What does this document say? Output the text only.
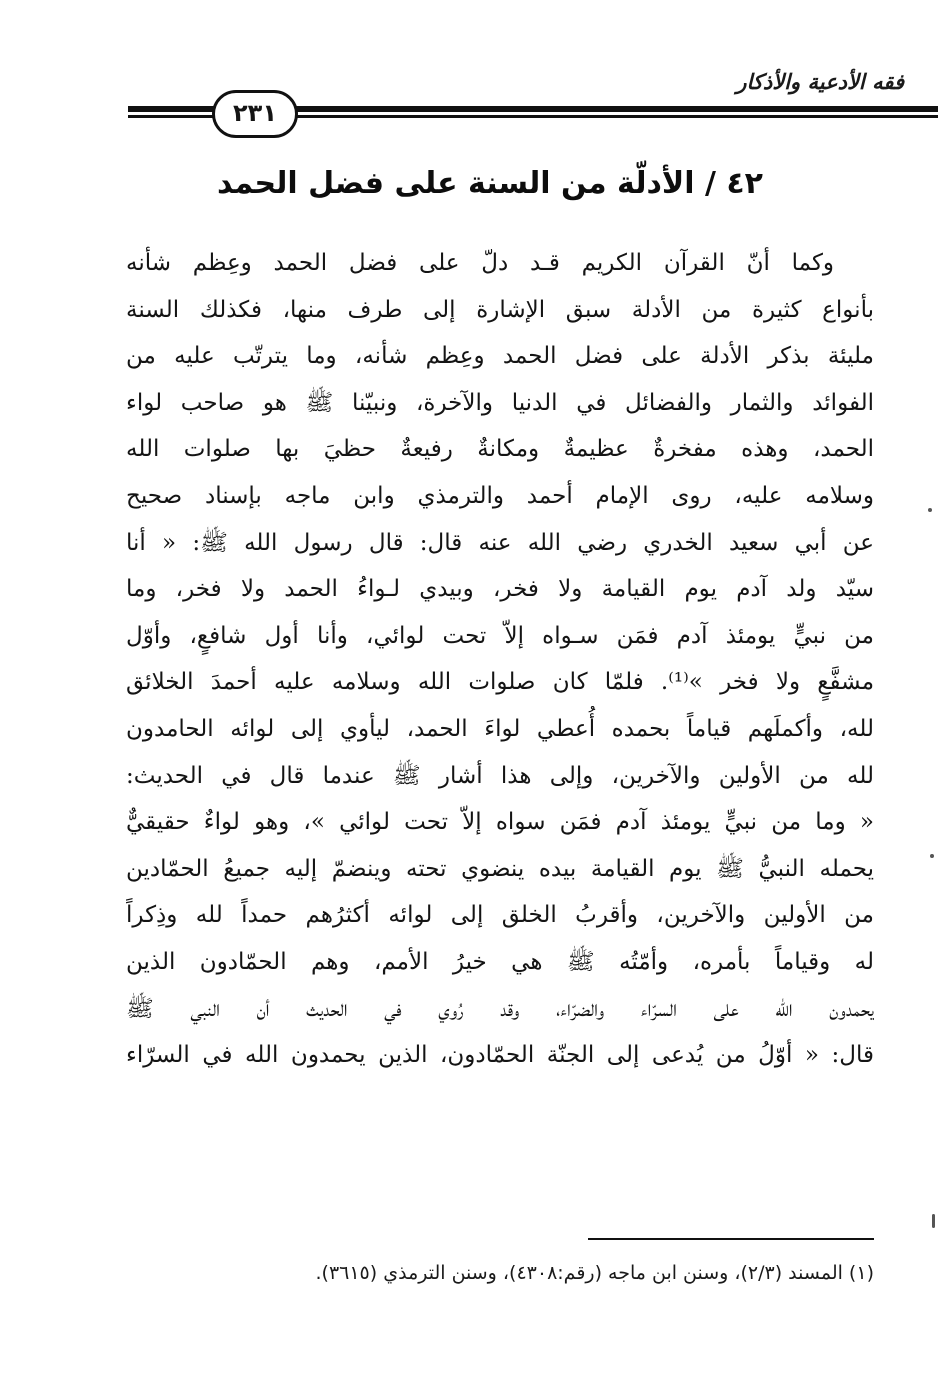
فقه الأدعية والأذكار
٢٣١
٤٢ / الأدلّة من السنة على فضل الحمد
وكما أنّ القرآن الكريم قـد دلّ على فضل الحمد وعِظم شأنه
بأنواع كثيرة من الأدلة سبق الإشارة إلى طرف منها، فكذلك السنة
مليئة بذكر الأدلة على فضل الحمد وعِظم شأنه، وما يترتّب عليه من
الفوائد والثمار والفضائل في الدنيا والآخرة، ونبيّنا ﷺ هو صاحب لواء
الحمد، وهذه مفخرةٌ عظيمةٌ ومكانةٌ رفيعةٌ حظيَ بها صلوات الله
وسلامه عليه، روى الإمام أحمد والترمذي وابن ماجه بإسناد صحيح
عن أبي سعيد الخدري رضي الله عنه قال: قال رسول الله ﷺ: « أنا
سيّد ولد آدم يوم القيامة ولا فخر، وبيدي لـواءُ الحمد ولا فخر، وما
من نبيٍّ يومئذ آدم فمَن سـواه إلاّ تحت لوائي، وأنا أول شافعٍ، وأوّل
مشفَّعٍ ولا فخر »⁽¹⁾. فلمّا كان صلوات الله وسلامه عليه أحمدَ الخلائق
لله، وأكملَهم قياماً بحمده أُعطي لواءَ الحمد، ليأوي إلى لوائه الحامدون
لله من الأولين والآخرين، وإلى هذا أشار ﷺ عندما قال في الحديث:
« وما من نبيٍّ يومئذ آدم فمَن سواه إلاّ تحت لوائي »، وهو لواءٌ حقيقيٌّ
يحمله النبيُّ ﷺ يوم القيامة بيده ينضوي تحته وينضمّ إليه جميعُ الحمّادين
من الأولين والآخرين، وأقربُ الخلق إلى لوائه أكثرُهم حمداً لله وذِكراً
له وقياماً بأمره، وأمّتُه ﷺ هي خيرُ الأمم، وهم الحمّادون الذين
يحمدون الله على السرّاء والضرّاء، وقد رُوي في الحديث أن النبي ﷺ
قال: « أوّلُ من يُدعى إلى الجنّة الحمّادون، الذين يحمدون الله في السرّاء
(١) المسند (٢/٣)، وسنن ابن ماجه (رقم:٤٣٠٨)، وسنن الترمذي (٣٦١٥).
